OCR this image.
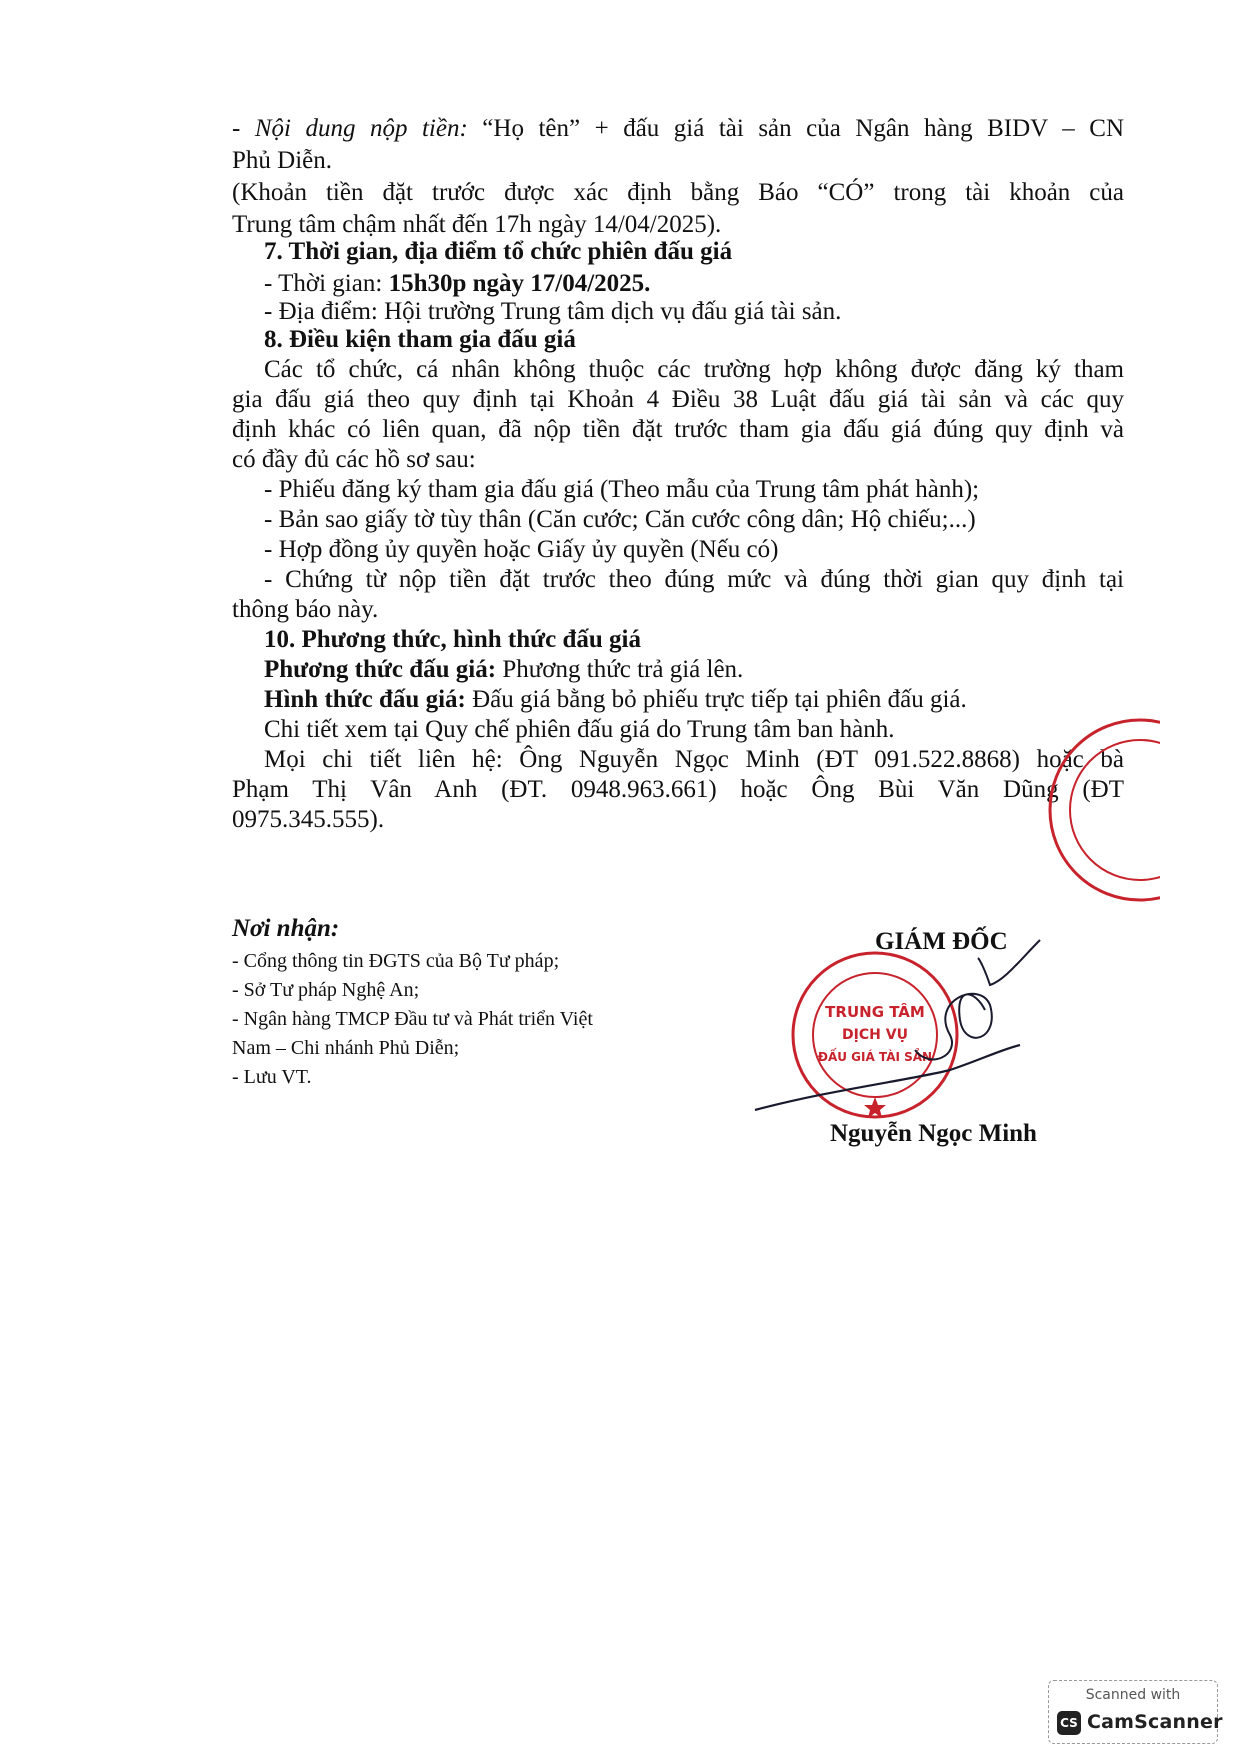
- Nội dung nộp tiền: “Họ tên” + đấu giá tài sản của Ngân hàng BIDV – CN
Phủ Diễn.
(Khoản tiền đặt trước được xác định bằng Báo “CÓ” trong tài khoản của
Trung tâm chậm nhất đến 17h ngày 14/04/2025).
7. Thời gian, địa điểm tổ chức phiên đấu giá
- Thời gian: 15h30p ngày 17/04/2025.
- Địa điểm: Hội trường Trung tâm dịch vụ đấu giá tài sản.
8. Điều kiện tham gia đấu giá
Các tổ chức, cá nhân không thuộc các trường hợp không được đăng ký tham
gia đấu giá theo quy định tại Khoản 4 Điều 38 Luật đấu giá tài sản và các quy
định khác có liên quan, đã nộp tiền đặt trước tham gia đấu giá đúng quy định và
có đầy đủ các hồ sơ sau:
- Phiếu đăng ký tham gia đấu giá (Theo mẫu của Trung tâm phát hành);
- Bản sao giấy tờ tùy thân (Căn cước; Căn cước công dân; Hộ chiếu;...)
- Hợp đồng ủy quyền hoặc Giấy ủy quyền (Nếu có)
- Chứng từ nộp tiền đặt trước theo đúng mức và đúng thời gian quy định tại
thông báo này.
10. Phương thức, hình thức đấu giá
Phương thức đấu giá: Phương thức trả giá lên.
Hình thức đấu giá: Đấu giá bằng bỏ phiếu trực tiếp tại phiên đấu giá.
Chi tiết xem tại Quy chế phiên đấu giá do Trung tâm ban hành.
Mọi chi tiết liên hệ: Ông Nguyễn Ngọc Minh (ĐT 091.522.8868) hoặc bà
Phạm Thị Vân Anh (ĐT. 0948.963.661) hoặc Ông Bùi Văn Dũng (ĐT
0975.345.555).
Nơi nhận:
- Cổng thông tin ĐGTS của Bộ Tư pháp;
- Sở Tư pháp Nghệ An;
- Ngân hàng TMCP Đầu tư và Phát triển Việt
Nam – Chi nhánh Phủ Diễn;
- Lưu VT.
GIÁM ĐỐC
TRUNG TÂM
DỊCH VỤ
ĐẤU GIÁ TÀI SẢN
Nguyễn Ngọc Minh
Scanned with
CS CamScanner
